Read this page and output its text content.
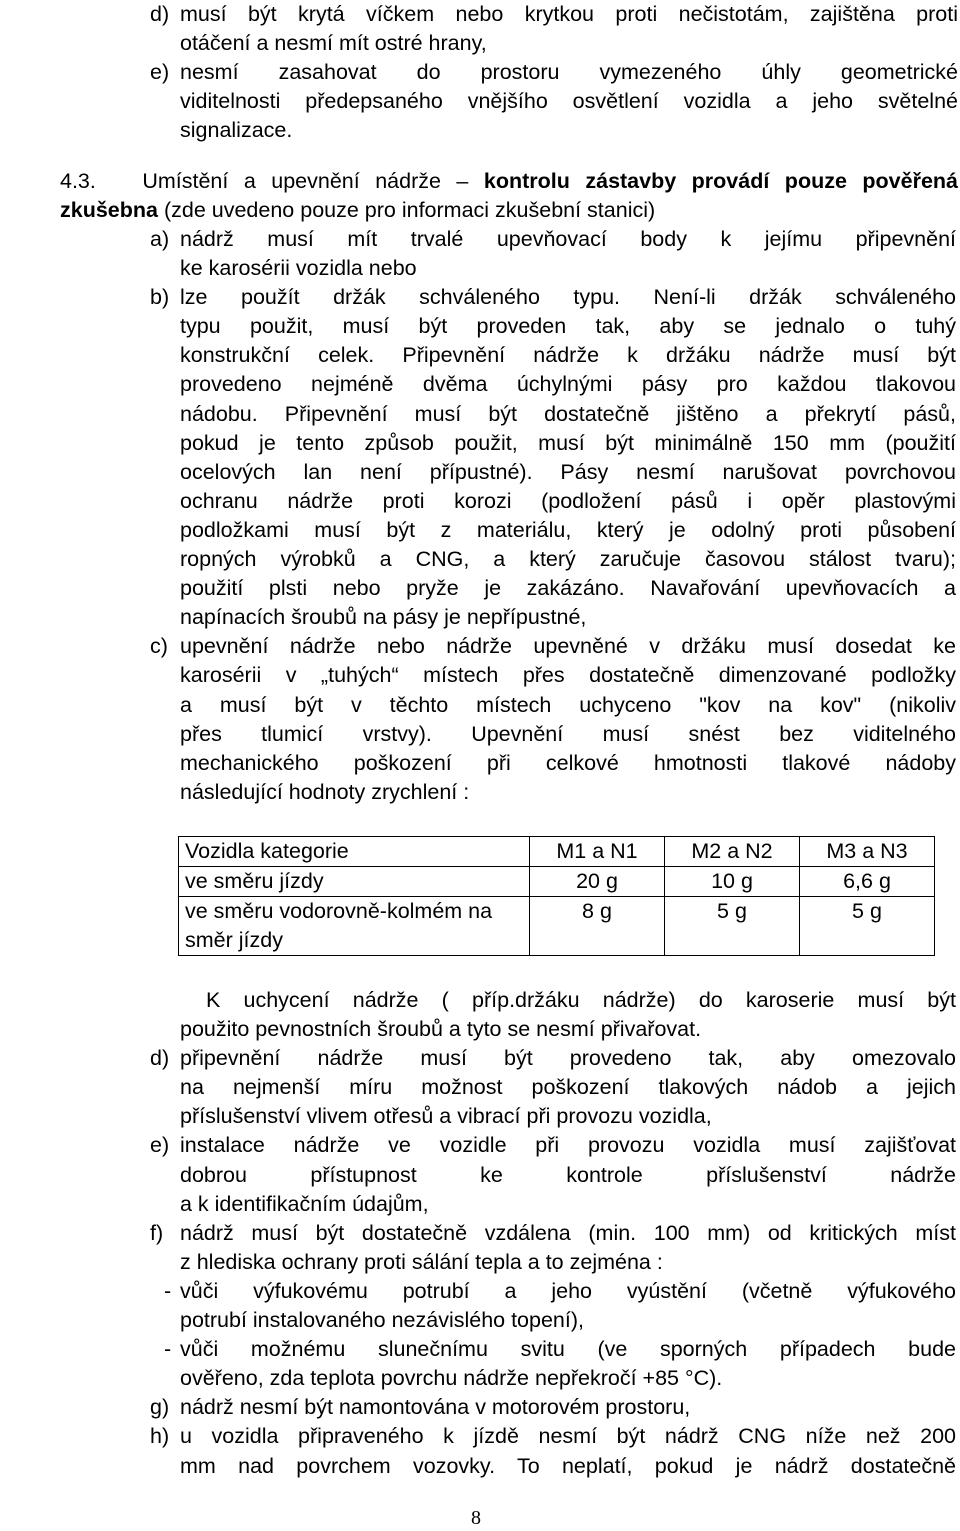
d) musí být krytá víčkem nebo krytkou proti nečistotám, zajištěna proti
otáčení a nesmí mít ostré hrany,
e) nesmí zasahovat do prostoru vymezeného úhly geometrické
viditelnosti předepsaného vnějšího osvětlení vozidla a jeho světelné
signalizace.
4.3. Umístění a upevnění nádrže – kontrolu zástavby provádí pouze pověřená
zkušebna (zde uvedeno pouze pro informaci zkušební stanici)
a) nádrž musí mít trvalé upevňovací body k jejímu připevnění
ke karosérii vozidla nebo
b) lze použít držák schváleného typu. Není-li držák schváleného
typu použit, musí být proveden tak, aby se jednalo o tuhý
konstrukční celek. Připevnění nádrže k držáku nádrže musí být
provedeno nejméně dvěma úchylnými pásy pro každou tlakovou
nádobu. Připevnění musí být dostatečně jištěno a překrytí pásů,
pokud je tento způsob použit, musí být minimálně 150 mm (použití
ocelových lan není přípustné). Pásy nesmí narušovat povrchovou
ochranu nádrže proti korozi (podložení pásů i opěr plastovými
podložkami musí být z materiálu, který je odolný proti působení
ropných výrobků a CNG, a který zaručuje časovou stálost tvaru);
použití plsti nebo pryže je zakázáno. Navařování upevňovacích a
napínacích šroubů na pásy je nepřípustné,
c) upevnění nádrže nebo nádrže upevněné v držáku musí dosedat ke
karosérii v „tuhých“ místech přes dostatečně dimenzované podložky
a musí být v těchto místech uchyceno "kov na kov" (nikoliv
přes tlumicí vrstvy). Upevnění musí snést bez viditelného
mechanického poškození při celkové hmotnosti tlakové nádoby
následující hodnoty zrychlení :
Vozidla kategorie	M1 a N1	M2 a N2	M3 a N3
ve směru jízdy	20 g	10 g	6,6 g
ve směru vodorovně-kolmém na směr jízdy	8 g	5 g	5 g
K uchycení nádrže ( příp.držáku nádrže) do karoserie musí být
použito pevnostních šroubů a tyto se nesmí přivařovat.
d) připevnění nádrže musí být provedeno tak, aby omezovalo
na nejmenší míru možnost poškození tlakových nádob a jejich
příslušenství vlivem otřesů a vibrací při provozu vozidla,
e) instalace nádrže ve vozidle při provozu vozidla musí zajišťovat
dobrou přístupnost ke kontrole příslušenství nádrže
a k identifikačním údajům,
f) nádrž musí být dostatečně vzdálena (min. 100 mm) od kritických míst
z hlediska ochrany proti sálání tepla a to zejména :
- vůči výfukovému potrubí a jeho vyústění (včetně výfukového
potrubí instalovaného nezávislého topení),
- vůči možnému slunečnímu svitu (ve sporných případech bude
ověřeno, zda teplota povrchu nádrže nepřekročí +85 °C).
g) nádrž nesmí být namontována v motorovém prostoru,
h) u vozidla připraveného k jízdě nesmí být nádrž CNG níže než 200
mm nad povrchem vozovky. To neplatí, pokud je nádrž dostatečně
8
